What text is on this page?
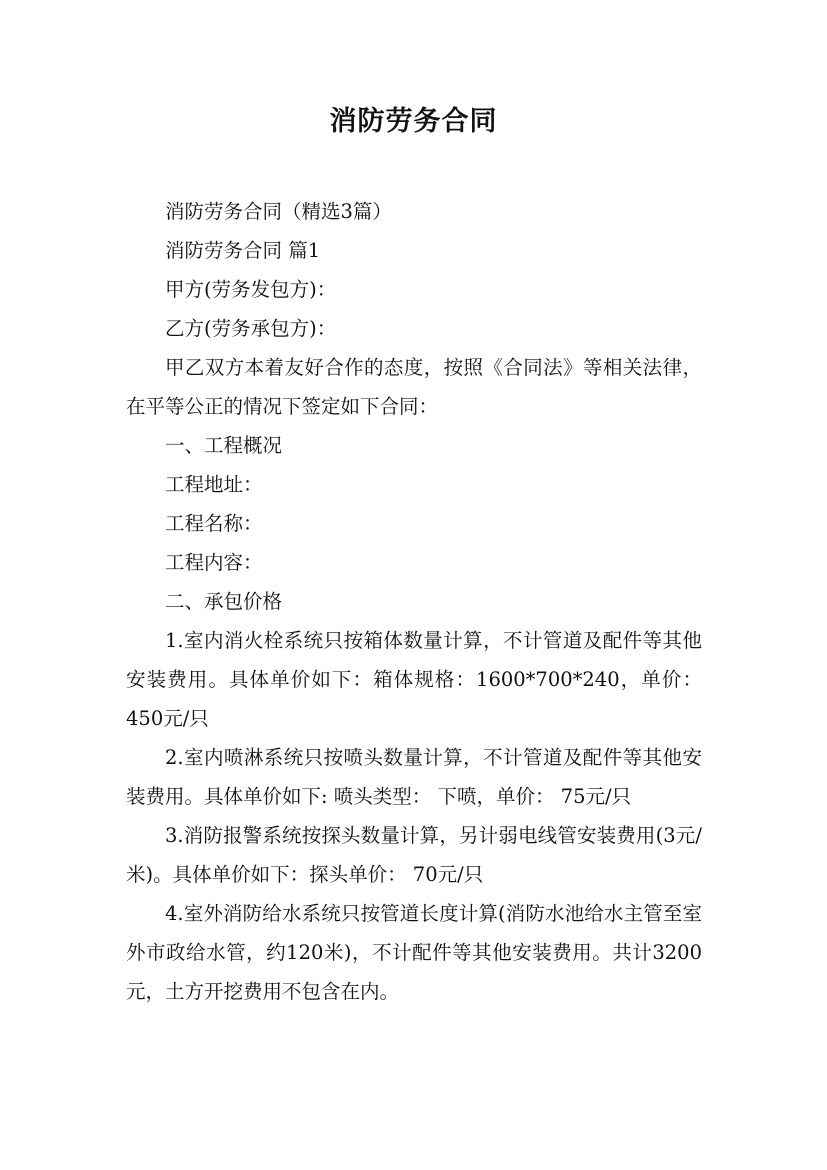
消防劳务合同

消防劳务合同（精选3篇）

消防劳务合同 篇1

甲方(劳务发包方)：

乙方(劳务承包方)：

甲乙双方本着友好合作的态度，按照《合同法》等相关法律，在平等公正的情况下签定如下合同：

一、工程概况

工程地址：

工程名称：

工程内容：

二、承包价格

1.室内消火栓系统只按箱体数量计算，不计管道及配件等其他安装费用。具体单价如下：箱体规格：1600*700*240，单价： 450元/只

2.室内喷淋系统只按喷头数量计算，不计管道及配件等其他安装费用。具体单价如下: 喷头类型： 下喷，单价： 75元/只

3.消防报警系统按探头数量计算，另计弱电线管安装费用(3元/米)。具体单价如下：探头单价： 70元/只

4.室外消防给水系统只按管道长度计算(消防水池给水主管至室外市政给水管，约120米)，不计配件等其他安装费用。共计3200元，土方开挖费用不包含在内。
